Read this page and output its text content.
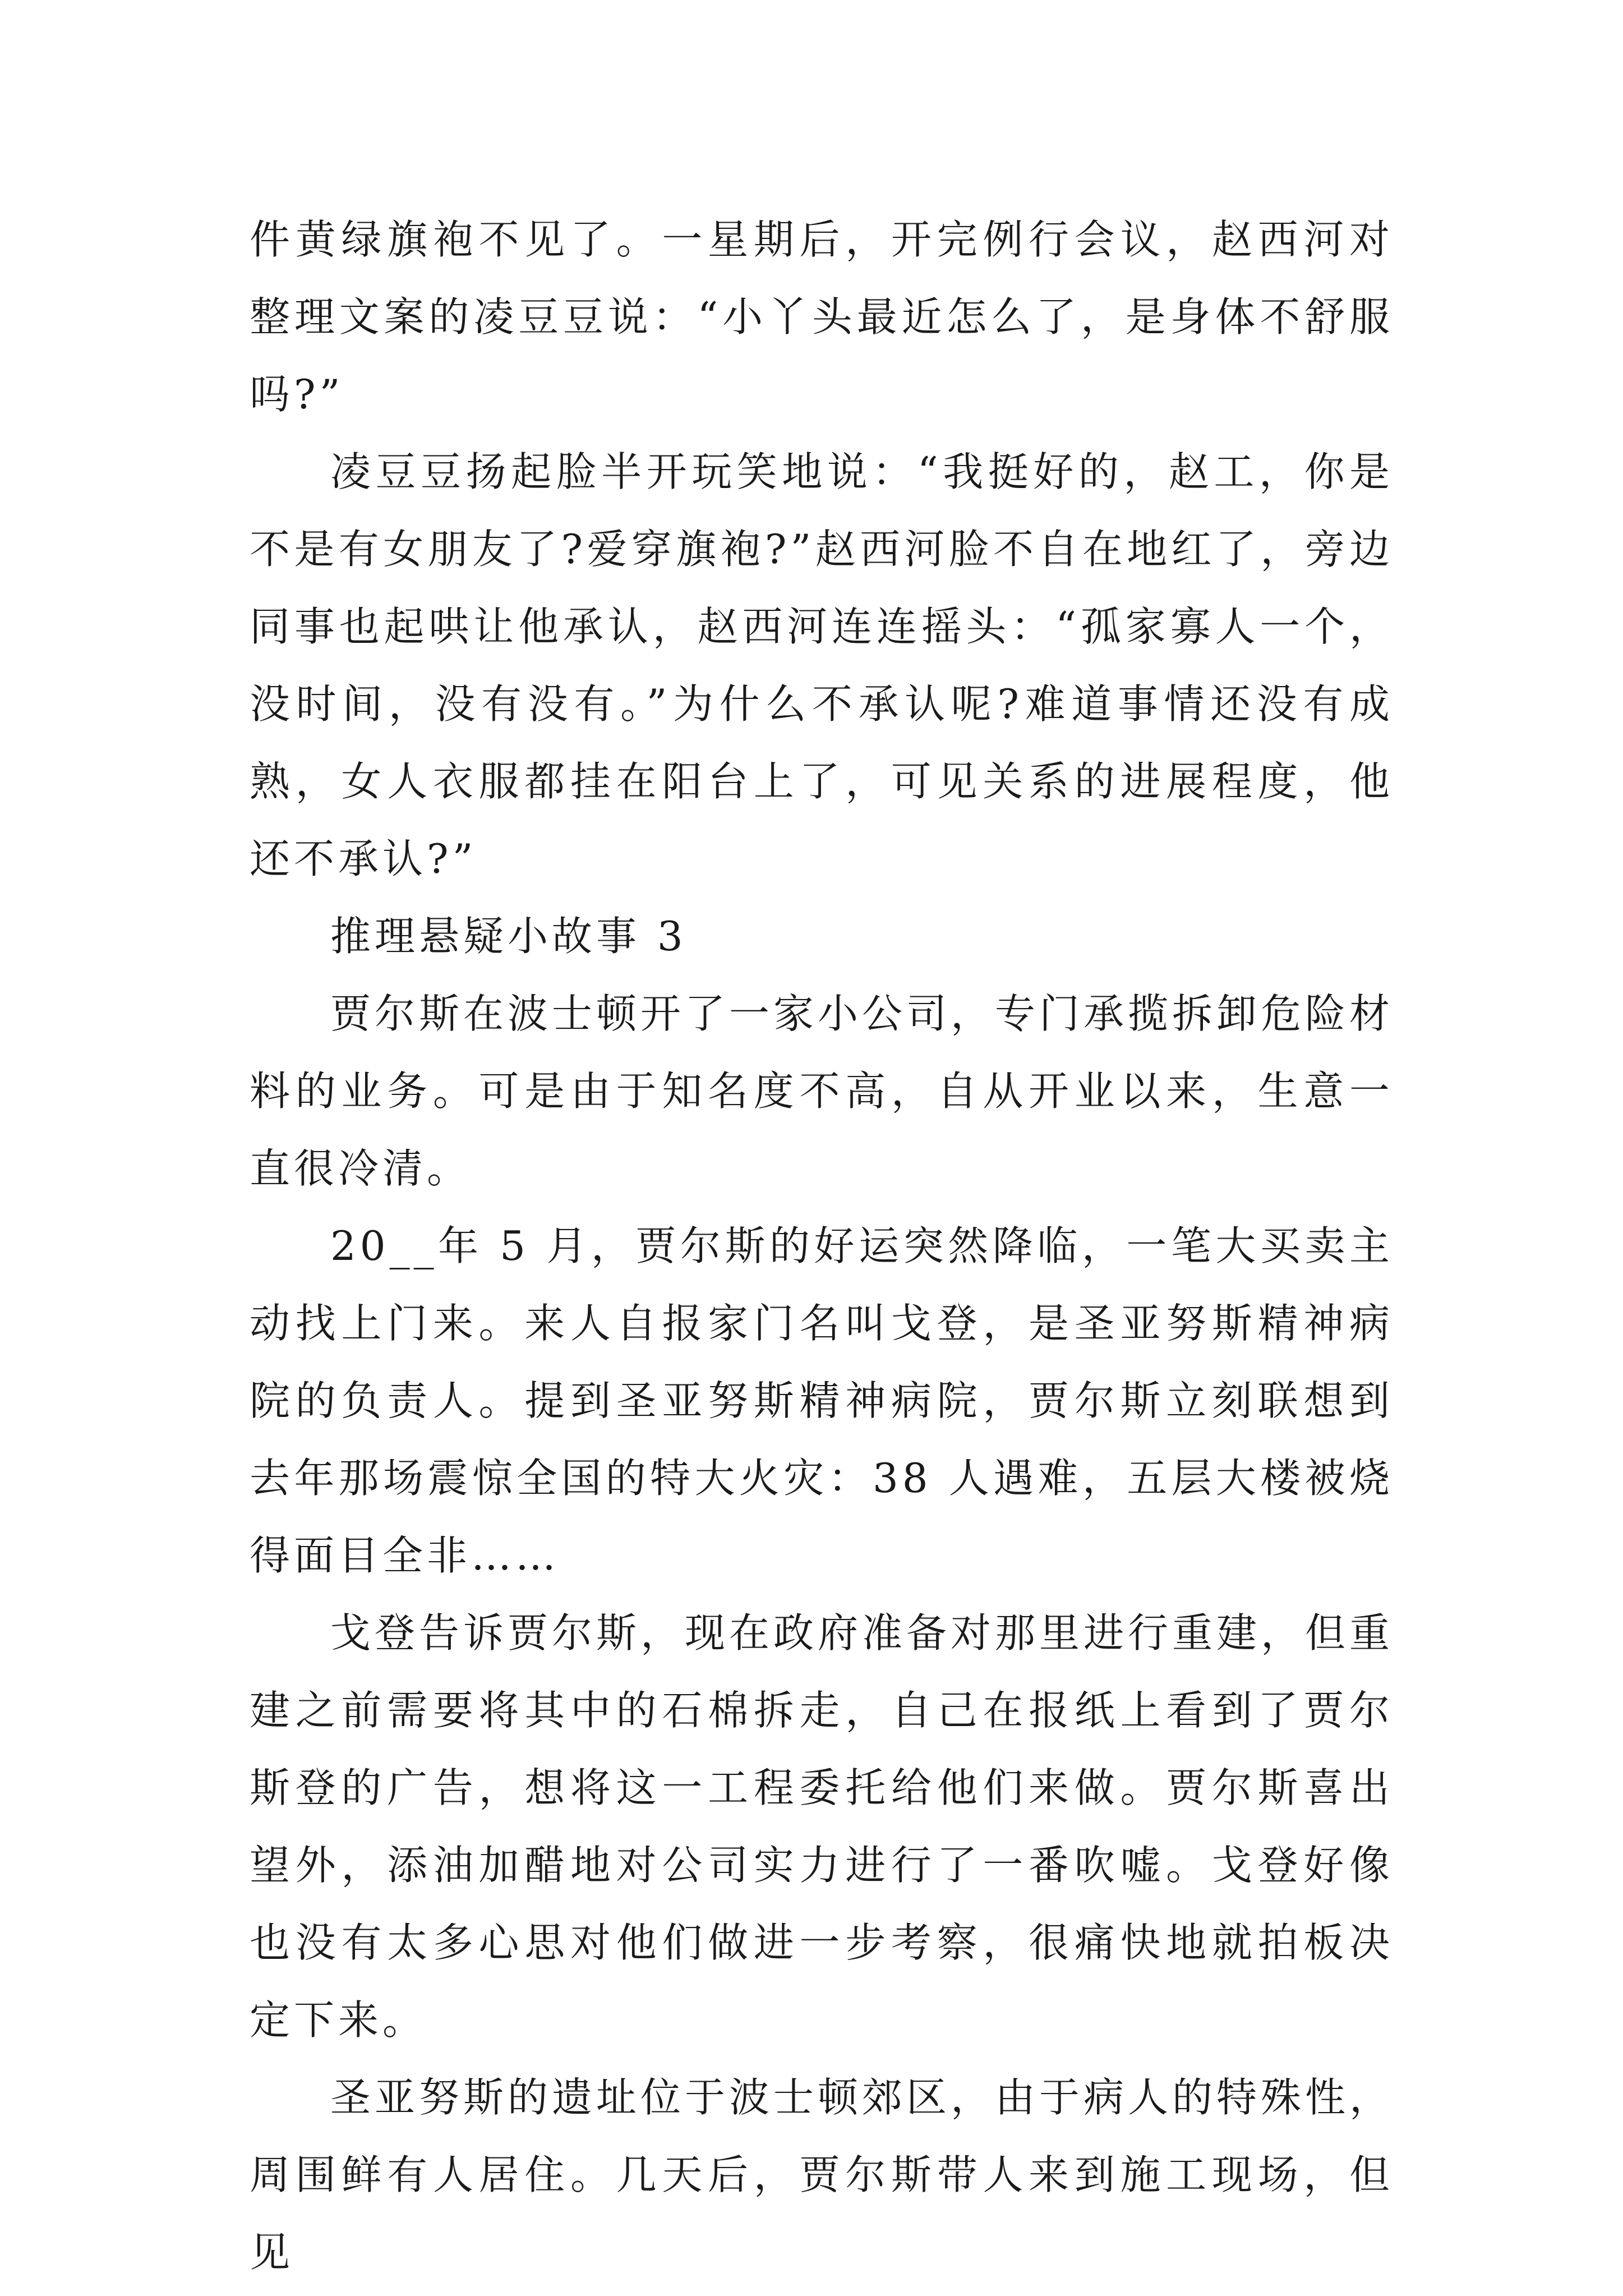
件黄绿旗袍不见了。一星期后，开完例行会议，赵西河对整理文案的凌豆豆说：“小丫头最近怎么了，是身体不舒服吗?”

凌豆豆扬起脸半开玩笑地说：“我挺好的，赵工，你是不是有女朋友了?爱穿旗袍?”赵西河脸不自在地红了，旁边同事也起哄让他承认，赵西河连连摇头：“孤家寡人一个，没时间，没有没有。”为什么不承认呢?难道事情还没有成熟，女人衣服都挂在阳台上了，可见关系的进展程度，他还不承认?”

推理悬疑小故事 3

贾尔斯在波士顿开了一家小公司，专门承揽拆卸危险材料的业务。可是由于知名度不高，自从开业以来，生意一直很冷清。

20__年 5 月，贾尔斯的好运突然降临，一笔大买卖主动找上门来。来人自报家门名叫戈登，是圣亚努斯精神病院的负责人。提到圣亚努斯精神病院，贾尔斯立刻联想到去年那场震惊全国的特大火灾：38 人遇难，五层大楼被烧得面目全非……

戈登告诉贾尔斯，现在政府准备对那里进行重建，但重建之前需要将其中的石棉拆走，自己在报纸上看到了贾尔斯登的广告，想将这一工程委托给他们来做。贾尔斯喜出望外，添油加醋地对公司实力进行了一番吹嘘。戈登好像也没有太多心思对他们做进一步考察，很痛快地就拍板决定下来。

圣亚努斯的遗址位于波士顿郊区，由于病人的特殊性，周围鲜有人居住。几天后，贾尔斯带人来到施工现场，但见
